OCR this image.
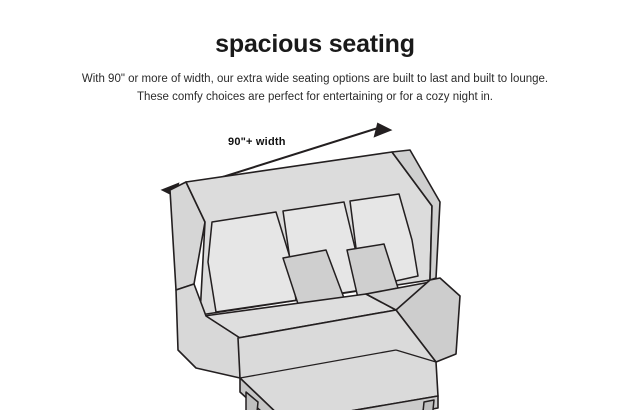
spacious seating
With 90" or more of width, our extra wide seating options are built to last and built to lounge.
These comfy choices are perfect for entertaining or for a cozy night in.
90"+ width
